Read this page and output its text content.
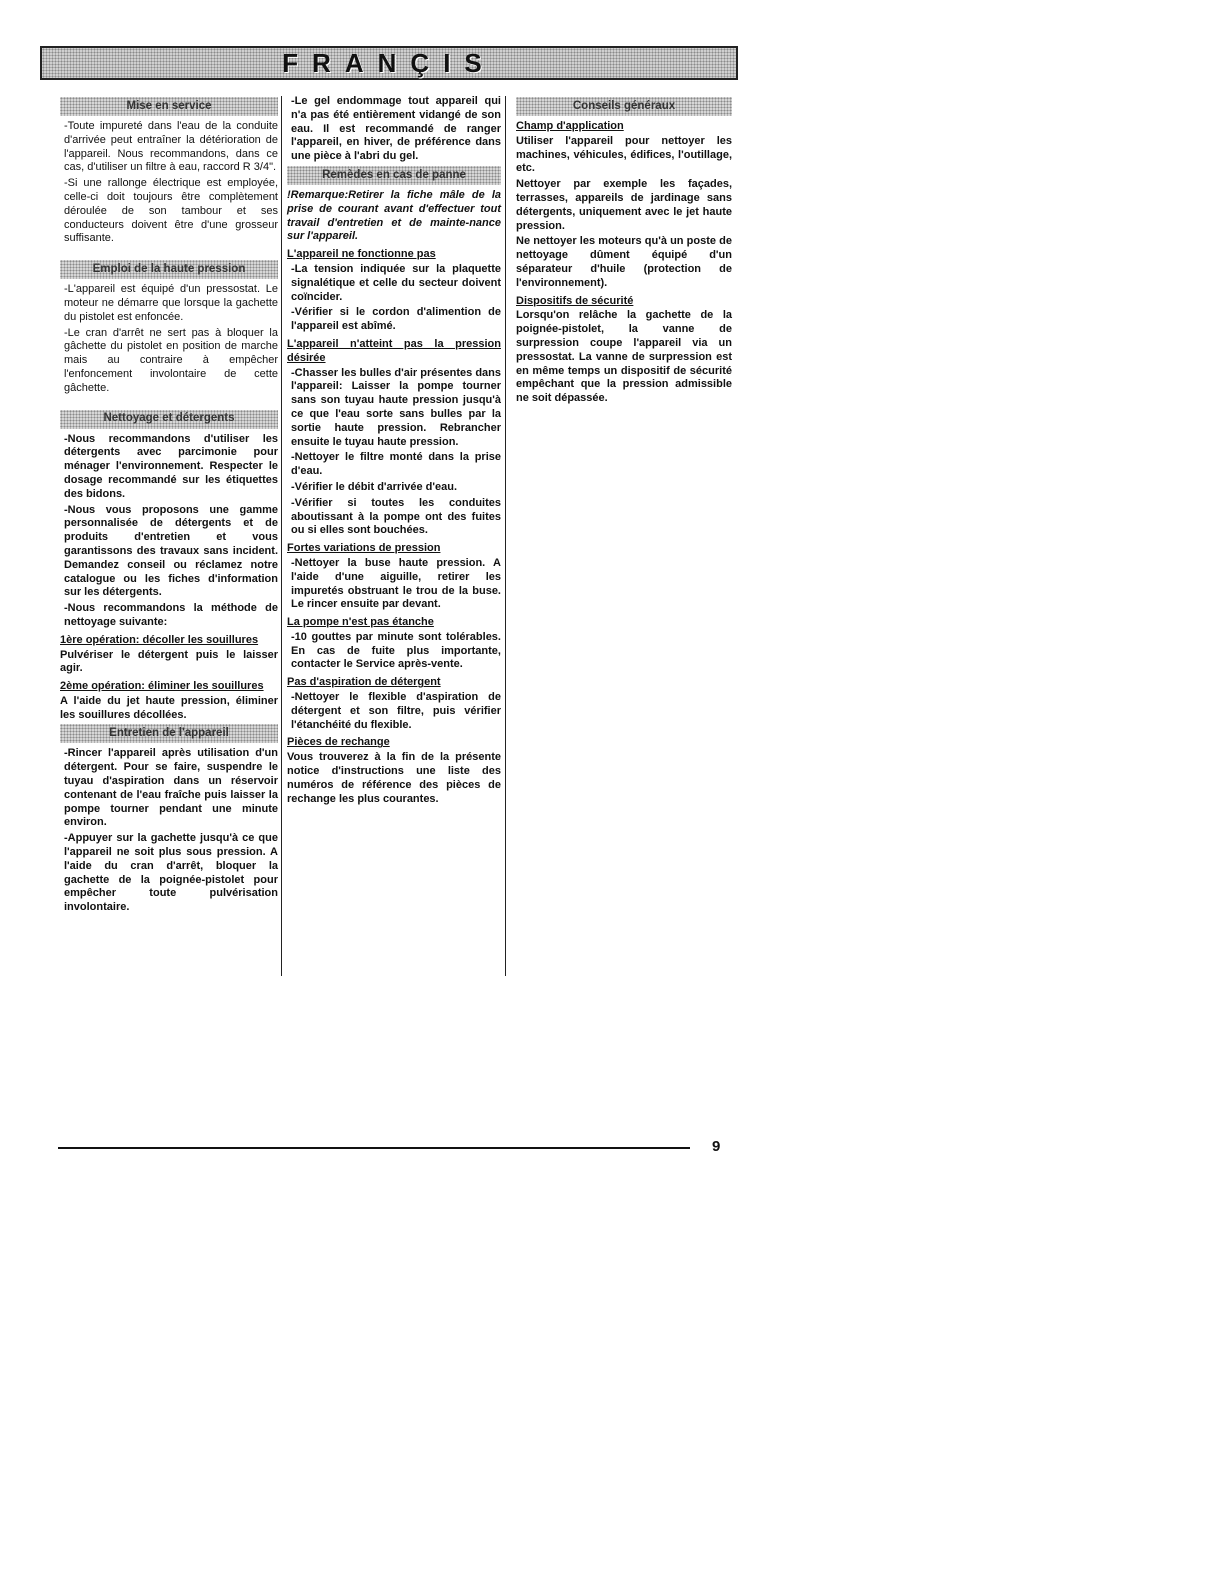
FRANÇIS
Mise en service
-Toute impureté dans l'eau de la conduite d'arrivée peut entraîner la détérioration de l'appareil. Nous recommandons, dans ce cas, d'utiliser un filtre à eau, raccord R 3/4".
-Si une rallonge électrique est employée, celle-ci doit toujours être complètement déroulée de son tambour et ses conducteurs doivent être d'une grosseur suffisante.
Emploi de la haute pression
-L'appareil est équipé d'un pressostat. Le moteur ne démarre que lorsque la gachette du pistolet est enfoncée.
-Le cran d'arrêt ne sert pas à bloquer la gâchette du pistolet en position de marche mais au contraire à empêcher l'enfoncement involontaire de cette gâchette.
Nettoyage et détergents
-Nous recommandons d'utiliser les détergents avec parcimonie pour ménager l'environnement. Respecter le dosage recommandé sur les étiquettes des bidons.
-Nous vous proposons une gamme personnalisée de détergents et de produits d'entretien et vous garantissons des travaux sans incident. Demandez conseil ou réclamez notre catalogue ou les fiches d'information sur les détergents.
-Nous recommandons la méthode de nettoyage suivante:
1ère opération: décoller les souillures
Pulvériser le détergent puis le laisser agir.
2ème opération: éliminer les souillures
A l'aide du jet haute pression, éliminer les souillures décollées.
Entretien de l'appareil
-Rincer l'appareil après utilisation d'un détergent. Pour se faire, suspendre le tuyau d'aspiration dans un réservoir contenant de l'eau fraîche puis laisser la pompe tourner pendant une minute environ.
-Appuyer sur la gachette jusqu'à ce que l'appareil ne soit plus sous pression. A l'aide du cran d'arrêt, bloquer la gachette de la poignée-pistolet pour empêcher toute pulvérisation involontaire.
-Le gel endommage tout appareil qui n'a pas été entièrement vidangé de son eau. Il est recommandé de ranger l'appareil, en hiver, de préférence dans une pièce à l'abri du gel.
Remèdes en cas de panne
!Remarque:Retirer la fiche mâle de la prise de courant avant d'effectuer tout travail d'entretien et de mainte-nance sur l'appareil.
L'appareil ne fonctionne pas
-La tension indiquée sur la plaquette signalétique et celle du secteur doivent coïncider.
-Vérifier si le cordon d'alimention de l'appareil est abîmé.
L'appareil n'atteint pas la pression désirée
-Chasser les bulles d'air présentes dans l'appareil: Laisser la pompe tourner sans son tuyau haute pression jusqu'à ce que l'eau sorte sans bulles par la sortie haute pression. Rebrancher ensuite le tuyau haute pression.
-Nettoyer le filtre monté dans la prise d'eau.
-Vérifier le débit d'arrivée d'eau.
-Vérifier si toutes les conduites aboutissant à la pompe ont des fuites ou si elles sont bouchées.
Fortes variations de pression
-Nettoyer la buse haute pression. A l'aide d'une aiguille, retirer les impuretés obstruant le trou de la buse. Le rincer ensuite par devant.
La pompe n'est pas étanche
-10 gouttes par minute sont tolérables. En cas de fuite plus importante, contacter le Service après-vente.
Pas d'aspiration de détergent
-Nettoyer le flexible d'aspiration de détergent et son filtre, puis vérifier l'étanchéité du flexible.
Pièces de rechange
Vous trouverez à la fin de la présente notice d'instructions une liste des numéros de référence des pièces de rechange les plus courantes.
Conseils généraux
Champ d'application
Utiliser l'appareil pour nettoyer les machines, véhicules, édifices, l'outillage, etc.
Nettoyer par exemple les façades, terrasses, appareils de jardinage sans détergents, uniquement avec le jet haute pression.
Ne nettoyer les moteurs qu'à un poste de nettoyage dûment équipé d'un séparateur d'huile (protection de l'environnement).
Dispositifs de sécurité
Lorsqu'on relâche la gachette de la poignée-pistolet, la vanne de surpression coupe l'appareil via un pressostat. La vanne de surpression est en même temps un dispositif de sécurité empêchant que la pression admissible ne soit dépassée.
9
